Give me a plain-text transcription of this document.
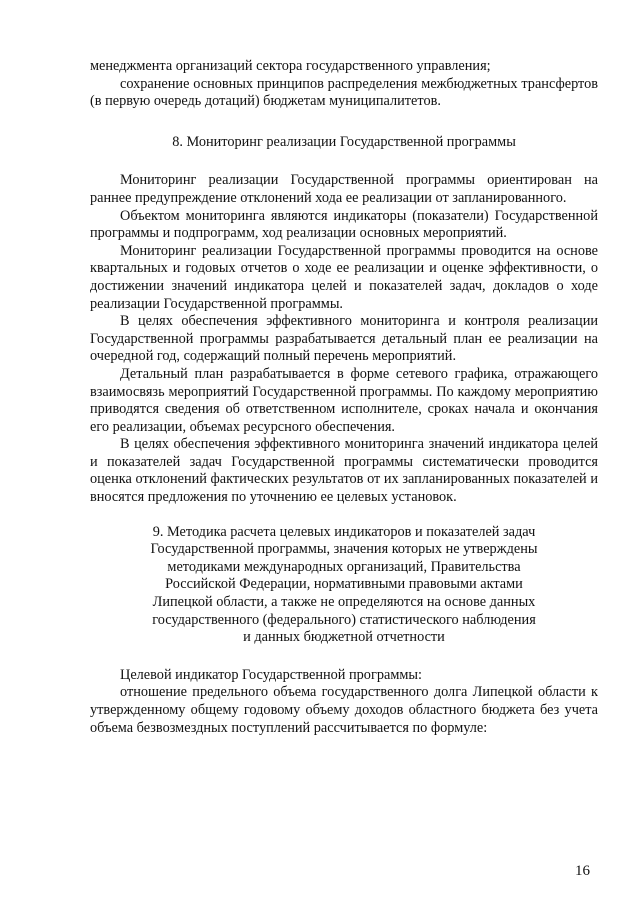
менеджмента организаций сектора государственного управления;

сохранение основных принципов распределения межбюджетных трансфертов (в первую очередь дотаций) бюджетам муниципалитетов.

8. Мониторинг реализации Государственной программы

Мониторинг реализации Государственной программы ориентирован на раннее предупреждение отклонений хода ее реализации от запланированного.

Объектом мониторинга являются индикаторы (показатели) Государственной программы и подпрограмм, ход реализации основных мероприятий.

Мониторинг реализации Государственной программы проводится на основе квартальных и годовых отчетов о ходе ее реализации и оценке эффективности, о достижении значений индикатора целей и показателей задач, докладов о ходе реализации Государственной программы.

В целях обеспечения эффективного мониторинга и контроля реализации Государственной программы разрабатывается детальный план ее реализации на очередной год, содержащий полный перечень мероприятий.

Детальный план разрабатывается в форме сетевого графика, отражающего взаимосвязь мероприятий Государственной программы. По каждому мероприятию приводятся сведения об ответственном исполнителе, сроках начала и окончания его реализации, объемах ресурсного обеспечения.

В целях обеспечения эффективного мониторинга значений индикатора целей и показателей задач Государственной программы систематически проводится оценка отклонений фактических результатов от их запланированных показателей и вносятся предложения по уточнению ее целевых установок.

9. Методика расчета целевых индикаторов и показателей задач
Государственной программы, значения которых не утверждены
методиками международных организаций, Правительства
Российской Федерации, нормативными правовыми актами
Липецкой области, а также не определяются на основе данных
государственного (федерального) статистического наблюдения
и данных бюджетной отчетности

Целевой индикатор Государственной программы:

отношение предельного объема государственного долга Липецкой области к утвержденному общему годовому объему доходов областного бюджета без учета объема безвозмездных поступлений рассчитывается по формуле:

16
